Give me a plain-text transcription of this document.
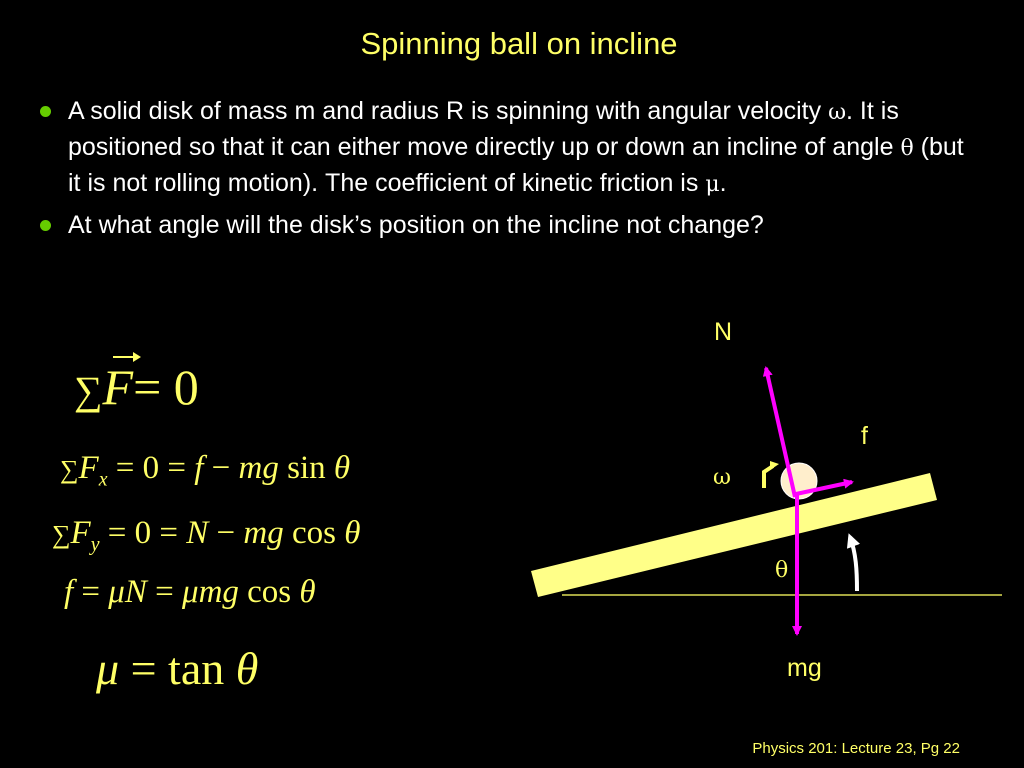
Spinning ball on incline
A solid disk of mass m and radius R is spinning with angular velocity ω. It is positioned so that it can either move directly up or down an incline of angle θ (but it is not rolling motion). The coefficient of kinetic friction is μ.
At what angle will the disk’s position on the incline not change?
∑F= 0
$\sum F_x = 0 = f$ − mg sin θ
$\sum F_y = 0 = N$ − mg cos θ
f = μN = μmg cos θ
μ = tan θ
N
f
ω
θ
mg
Physics 201: Lecture 23, Pg 22
